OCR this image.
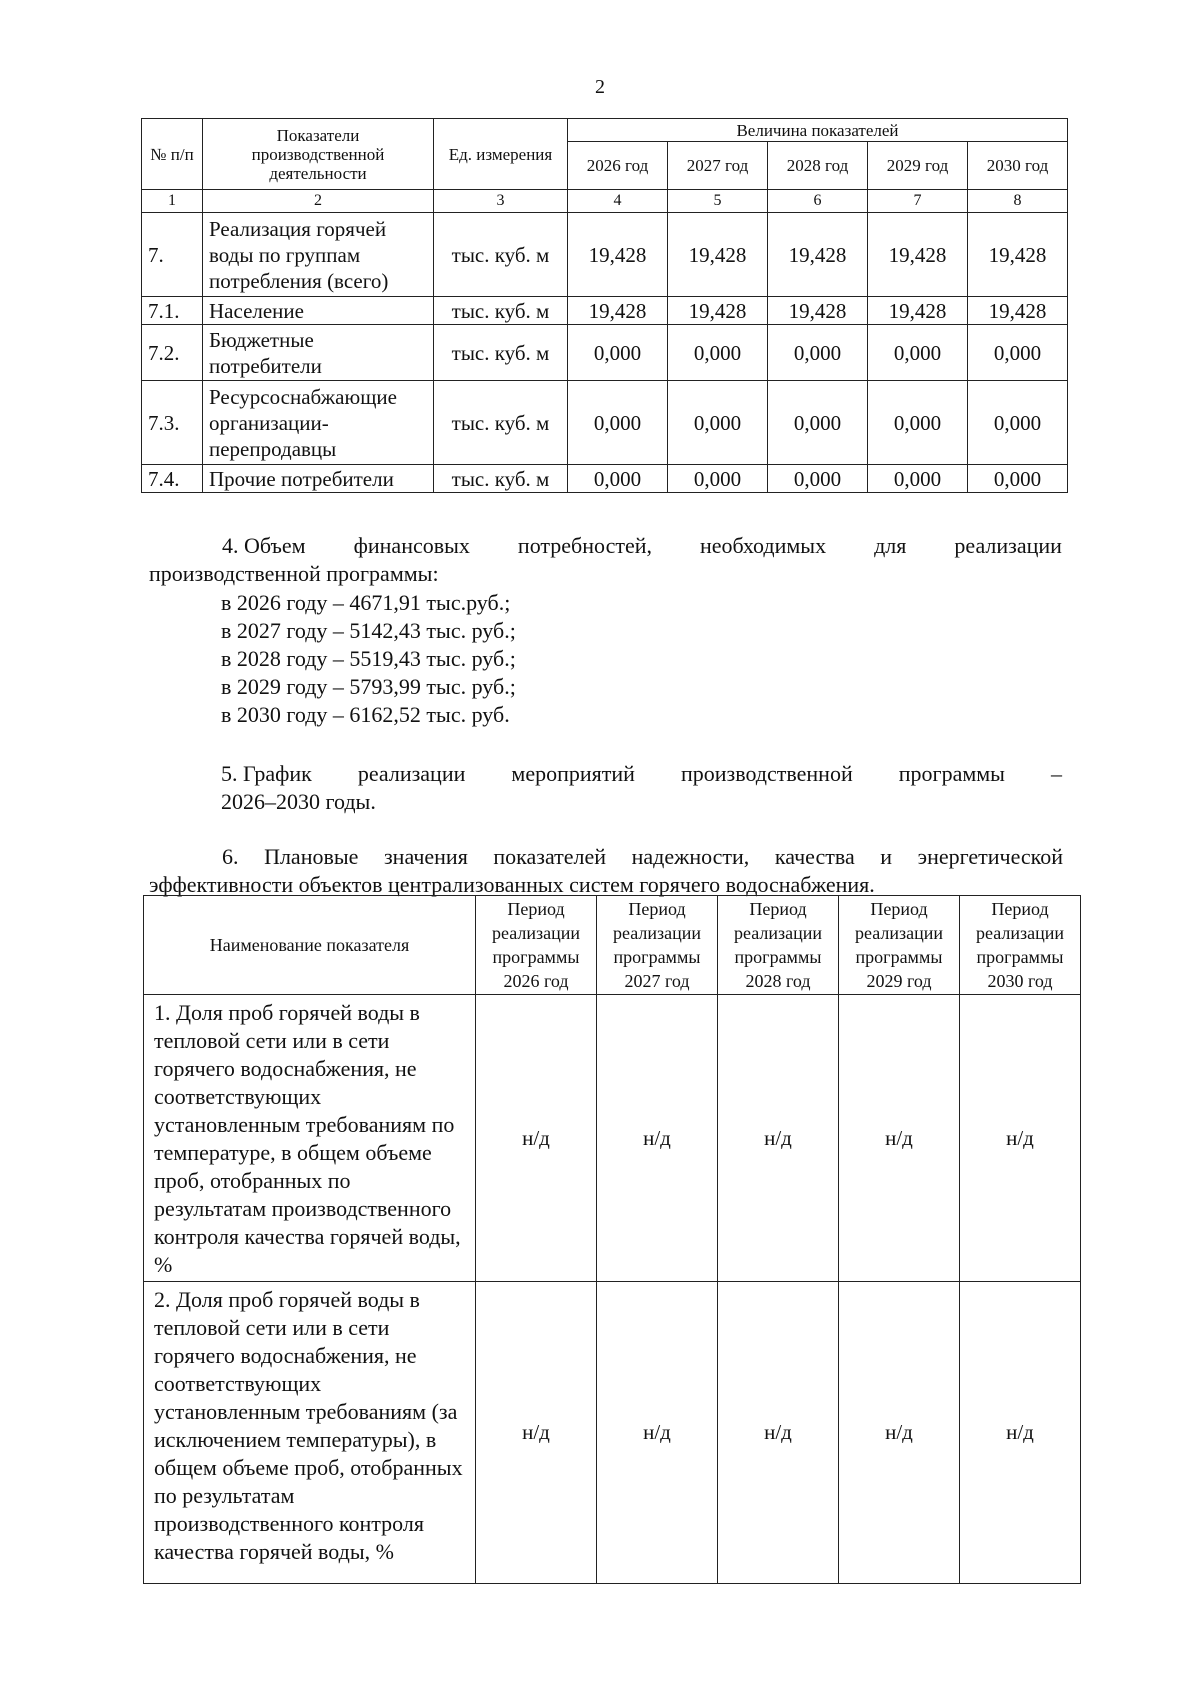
2
№ п/п	Показатели производственной деятельности	Ед. измерения	Величина показателей				
			2026 год	2027 год	2028 год	2029 год	2030 год
1	2	3	4	5	6	7	8
7.	Реализация горячей воды по группам потребления (всего)	тыс. куб. м	19,428	19,428	19,428	19,428	19,428
7.1.	Население	тыс. куб. м	19,428	19,428	19,428	19,428	19,428
7.2.	Бюджетные потребители	тыс. куб. м	0,000	0,000	0,000	0,000	0,000
7.3.	Ресурсоснабжающие организации-перепродавцы	тыс. куб. м	0,000	0,000	0,000	0,000	0,000
7.4.	Прочие потребители	тыс. куб. м	0,000	0,000	0,000	0,000	0,000
4. Объем финансовых потребностей, необходимых для реализации
производственной программы:
в 2026 году – 4671,91 тыс.руб.;
в 2027 году – 5142,43 тыс. руб.;
в 2028 году – 5519,43 тыс. руб.;
в 2029 году – 5793,99 тыс. руб.;
в 2030 году – 6162,52 тыс. руб.
5. График реализации мероприятий производственной программы –
2026–2030 годы.
6. Плановые значения показателей надежности, качества и энергетической
эффективности объектов централизованных систем горячего водоснабжения.
Наименование показателя	Период реализации программы 2026 год	Период реализации программы 2027 год	Период реализации программы 2028 год	Период реализации программы 2029 год	Период реализации программы 2030 год
1. Доля проб горячей воды в тепловой сети или в сети горячего водоснабжения, не соответствующих установленным требованиям по температуре, в общем объеме проб, отобранных по результатам производственного контроля качества горячей воды, %	н/д	н/д	н/д	н/д	н/д
2. Доля проб горячей воды в тепловой сети или в сети горячего водоснабжения, не соответствующих установленным требованиям (за исключением температуры), в общем объеме проб, отобранных по результатам производственного контроля качества горячей воды, %	н/д	н/д	н/д	н/д	н/д
